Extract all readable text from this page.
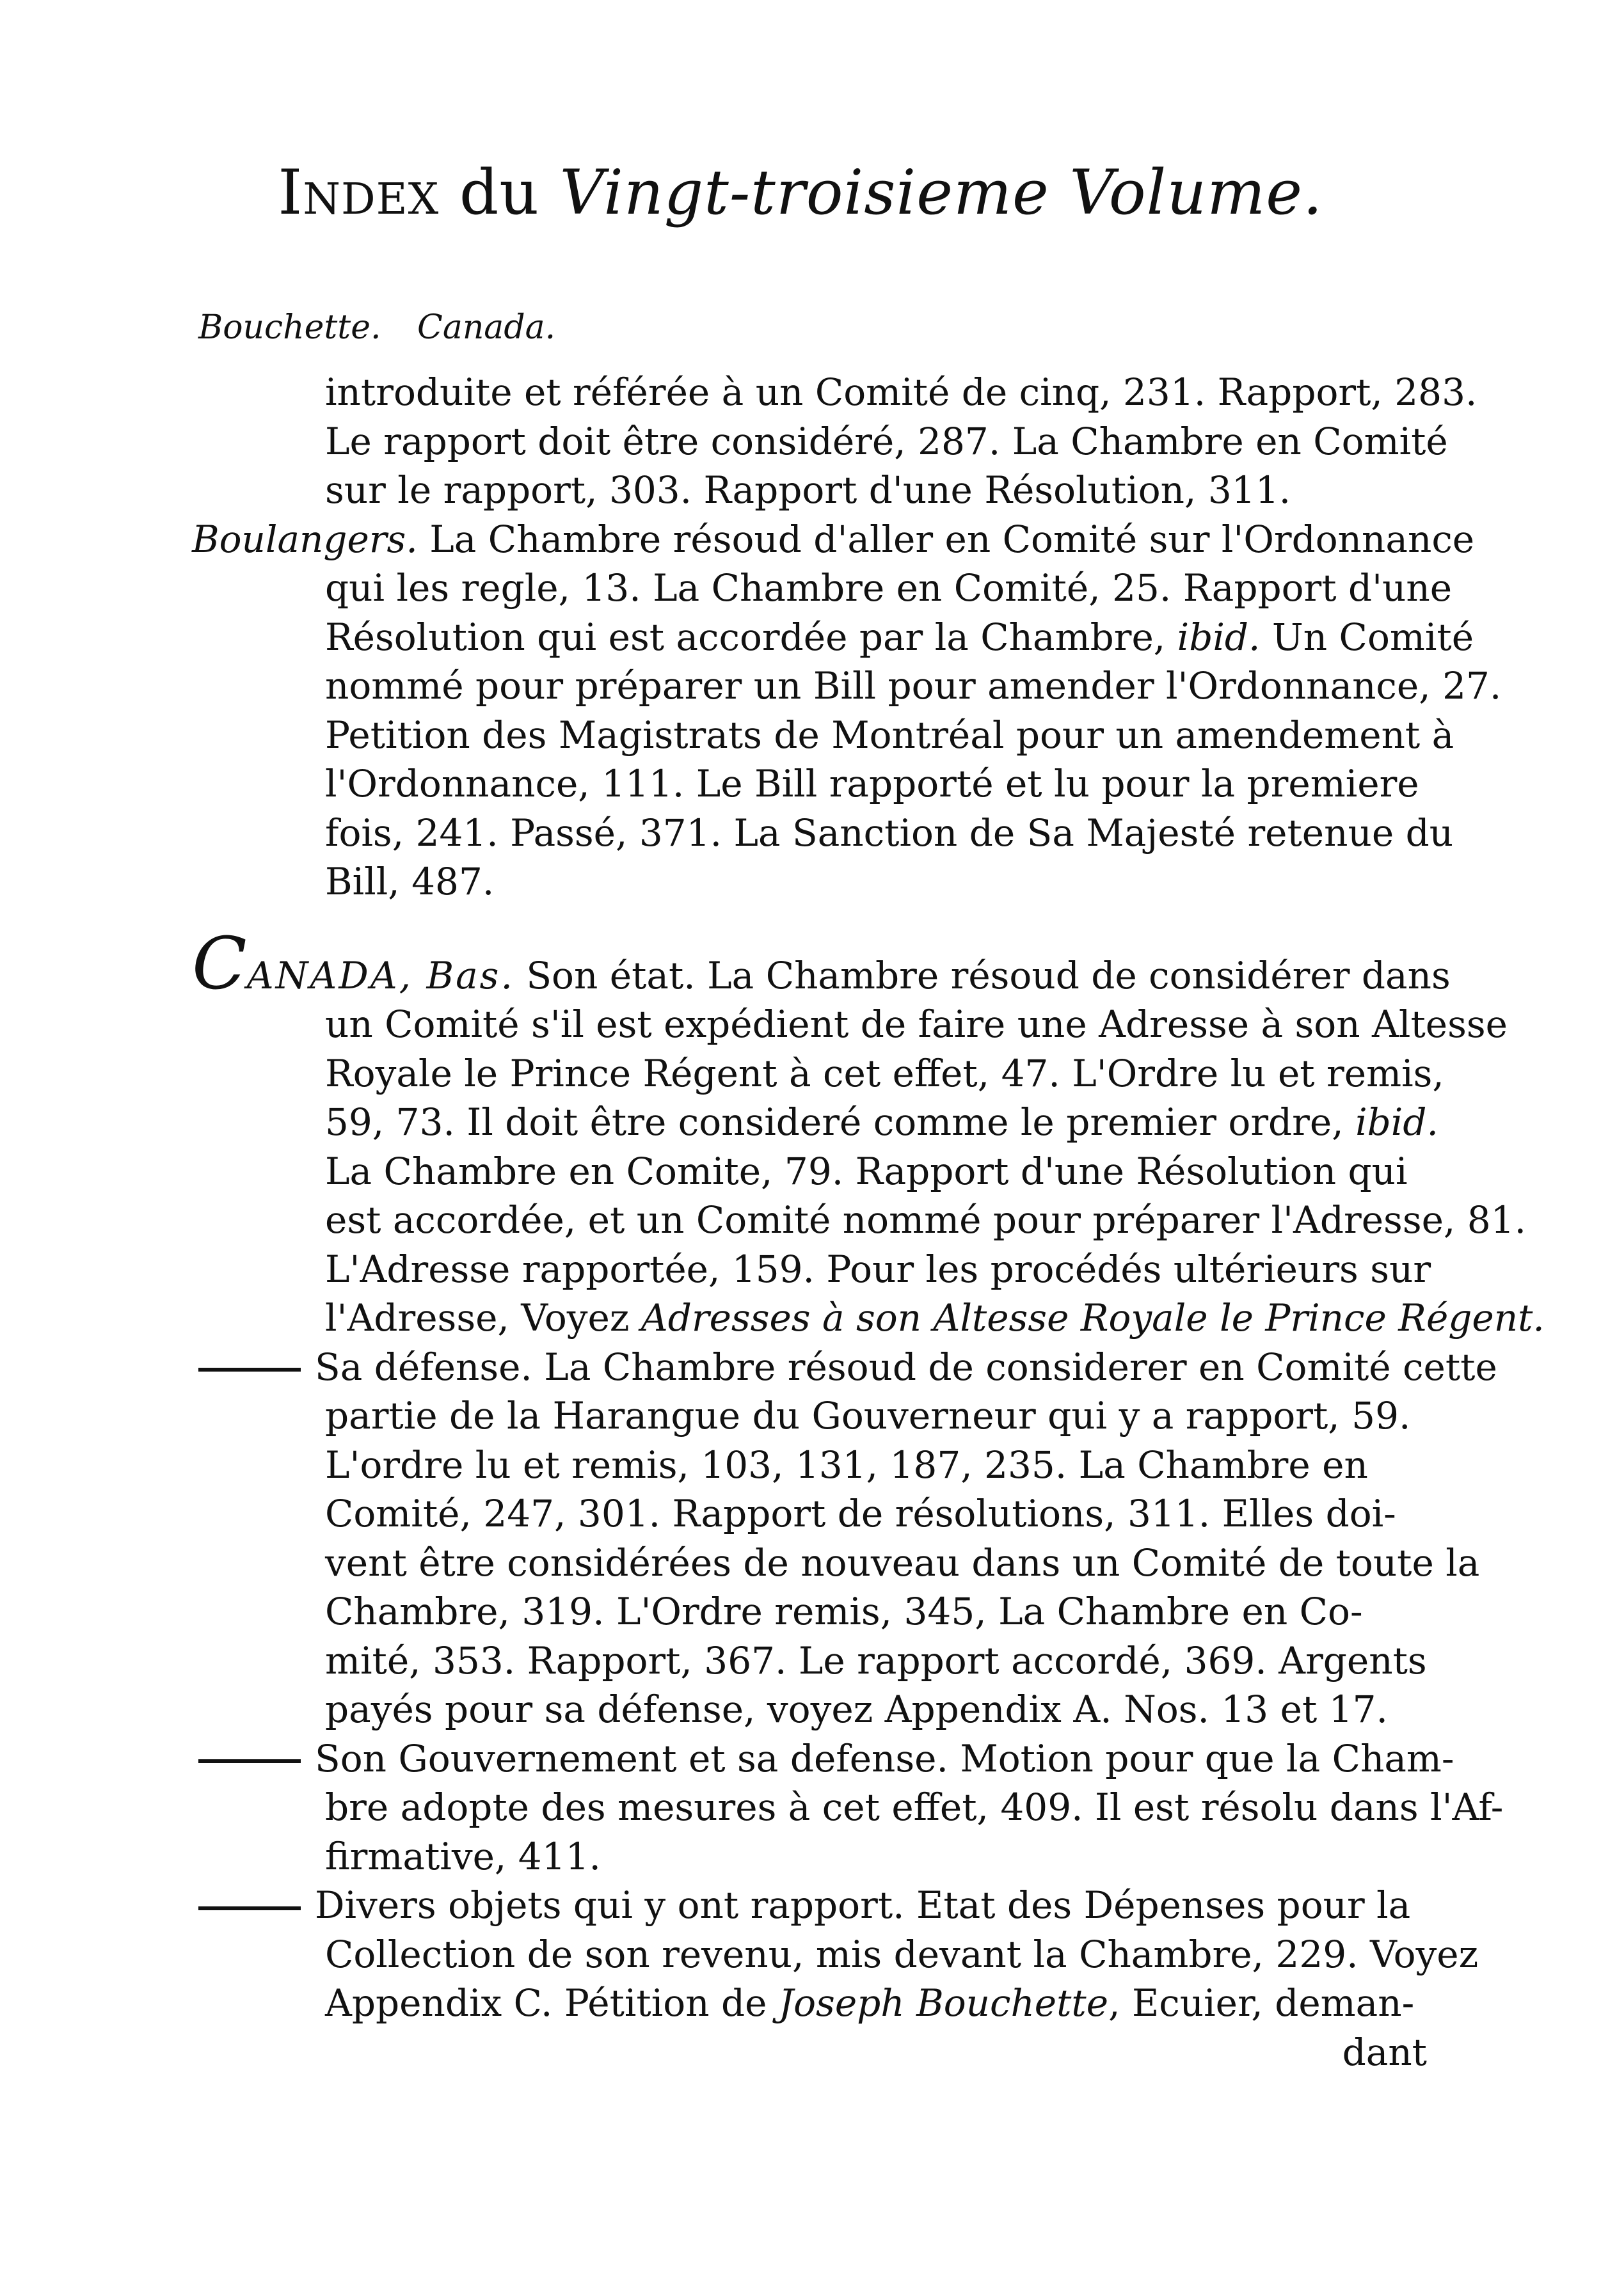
Index du Vingt-troisieme Volume.
Bouchette. Canada.
introduite et référée à un Comité de cinq, 231. Rapport, 283.
Le rapport doit être considéré, 287. La Chambre en Comité
sur le rapport, 303. Rapport d'une Résolution, 311.
Boulangers. La Chambre résoud d'aller en Comité sur l'Ordonnance
qui les regle, 13. La Chambre en Comité, 25. Rapport d'une
Résolution qui est accordée par la Chambre, ibid. Un Comité
nommé pour préparer un Bill pour amender l'Ordonnance, 27.
Petition des Magistrats de Montréal pour un amendement à
l'Ordonnance, 111. Le Bill rapporté et lu pour la premiere
fois, 241. Passé, 371. La Sanction de Sa Majesté retenue du
Bill, 487.
CANADA, Bas. Son état. La Chambre résoud de considérer dans
un Comité s'il est expédient de faire une Adresse à son Altesse
Royale le Prince Régent à cet effet, 47. L'Ordre lu et remis,
59, 73. Il doit être consideré comme le premier ordre, ibid.
La Chambre en Comite, 79. Rapport d'une Résolution qui
est accordée, et un Comité nommé pour préparer l'Adresse, 81.
L'Adresse rapportée, 159. Pour les procédés ultérieurs sur
l'Adresse, Voyez Adresses à son Altesse Royale le Prince Régent.
Sa défense. La Chambre résoud de considerer en Comité cette
partie de la Harangue du Gouverneur qui y a rapport, 59.
L'ordre lu et remis, 103, 131, 187, 235. La Chambre en
Comité, 247, 301. Rapport de résolutions, 311. Elles doi-
vent être considérées de nouveau dans un Comité de toute la
Chambre, 319. L'Ordre remis, 345, La Chambre en Co-
mité, 353. Rapport, 367. Le rapport accordé, 369. Argents
payés pour sa défense, voyez Appendix A. Nos. 13 et 17.
Son Gouvernement et sa defense. Motion pour que la Cham-
bre adopte des mesures à cet effet, 409. Il est résolu dans l'Af-
firmative, 411.
Divers objets qui y ont rapport. Etat des Dépenses pour la
Collection de son revenu, mis devant la Chambre, 229. Voyez
Appendix C. Pétition de Joseph Bouchette, Ecuier, deman-
dant
